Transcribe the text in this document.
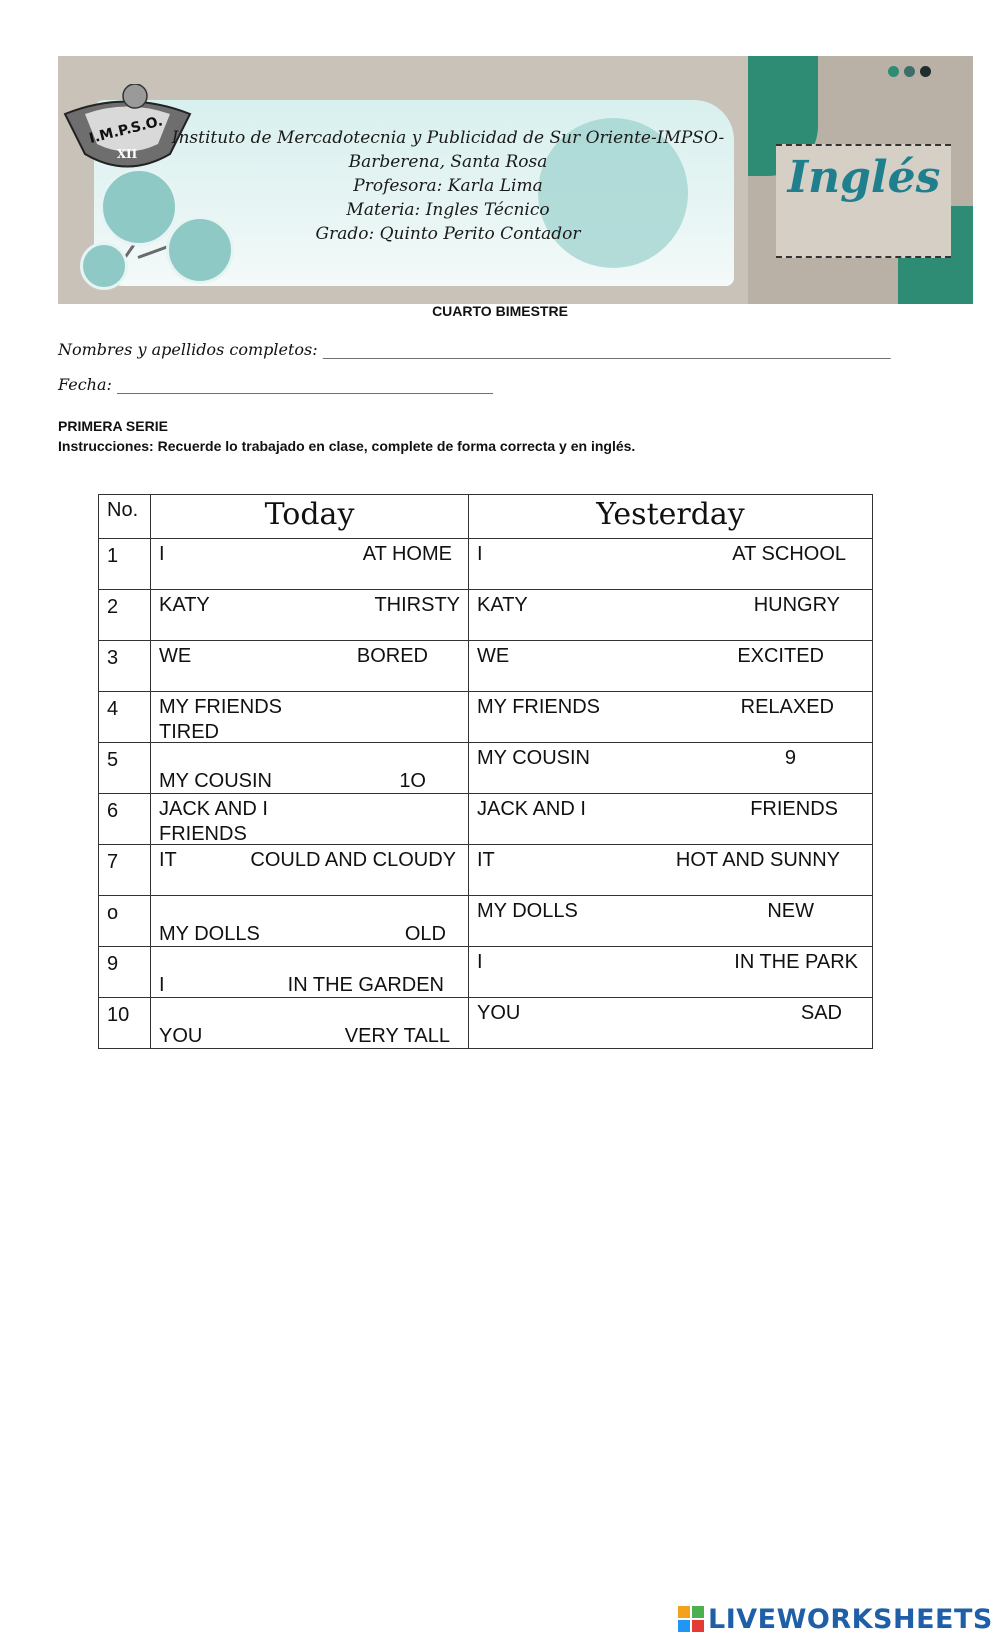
I.M.P.S.O.
XII
Instituto de Mercadotecnia y Publicidad de Sur Oriente-IMPSO-
Barberena, Santa Rosa
Profesora: Karla Lima
Materia: Ingles Técnico
Grado: Quinto Perito Contador
Inglés
CUARTO BIMESTRE
Nombres y apellidos completos: _______________________________________________________________________
Fecha: _______________________________________________
PRIMERA SERIE
Instrucciones: Recuerde lo trabajado en clase, complete de forma correcta y en inglés.
No.	Today	Yesterday
1	I AT HOME	I AT SCHOOL

2	KATY THIRSTY	KATY HUNGRY

3	WE BORED	WE EXCITED

4	MY FRIENDS
TIRED	MY FRIENDS RELAXED

5	MY COUSIN 1O	MY COUSIN 9

6	JACK AND I
FRIENDS	JACK AND I FRIENDS

7	IT COULD AND CLOUDY	IT HOT AND SUNNY

o	MY DOLLS OLD	MY DOLLS NEW

9	I IN THE GARDEN	I IN THE PARK

10	YOU VERY TALL	YOU SAD
LIVEWORKSHEETS
